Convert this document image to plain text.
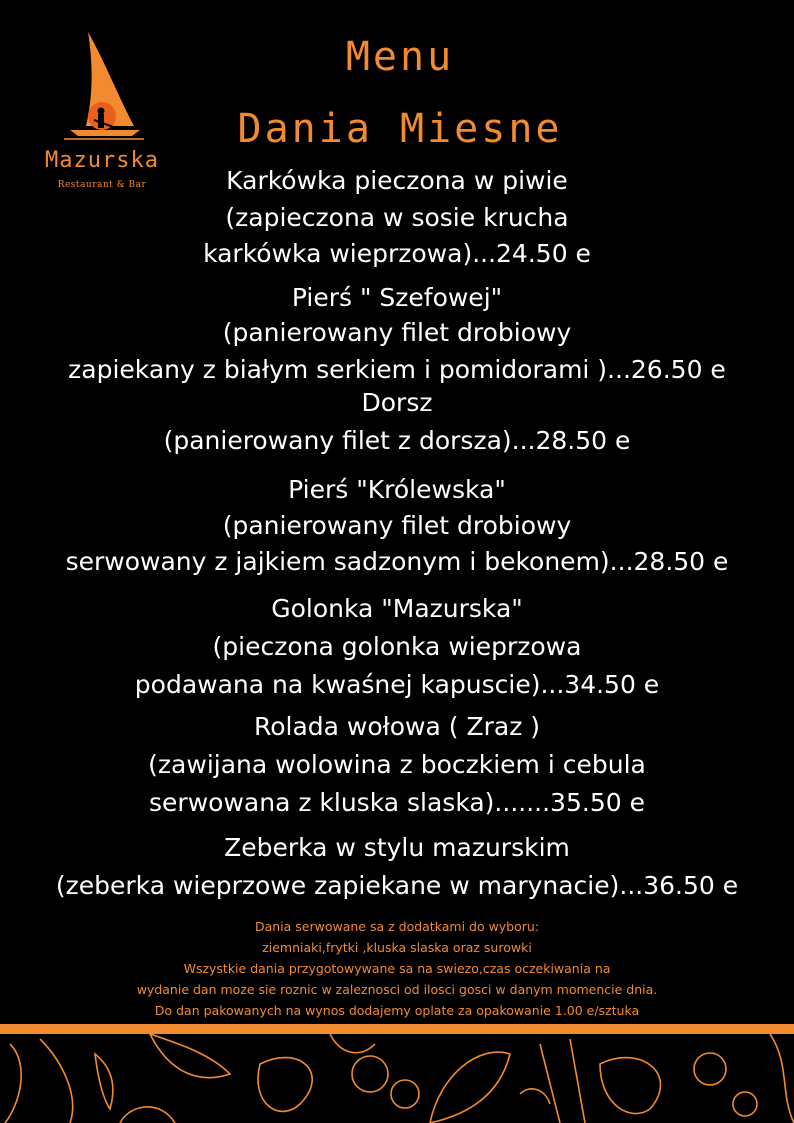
Mazurska
Restaurant & Bar
Menu
Dania Miesne
Karkówka pieczona w piwie
(zapieczona w sosie krucha
karkówka wieprzowa)...24.50 e
Pierś " Szefowej"
(panierowany filet drobiowy
zapiekany z białym serkiem i pomidorami )...26.50 e
Dorsz
(panierowany filet z dorsza)...28.50 e
Pierś "Królewska"
(panierowany filet drobiowy
serwowany z jajkiem sadzonym i bekonem)...28.50 e
Golonka "Mazurska"
(pieczona golonka wieprzowa
podawana na kwaśnej kapuscie)...34.50 e
Rolada wołowa ( Zraz )
(zawijana wolowina z boczkiem i cebula
serwowana z kluska slaska).......35.50 e
Zeberka w stylu mazurskim
(zeberka wieprzowe zapiekane w marynacie)...36.50 e
Dania serwowane sa z dodatkami do wyboru:
ziemniaki,frytki ,kluska slaska oraz surowki
Wszystkie dania przygotowywane sa na swiezo,czas oczekiwania na
wydanie dan moze sie roznic w zaleznosci od ilosci gosci w danym momencie dnia.
Do dan pakowanych na wynos dodajemy oplate za opakowanie 1.00 e/sztuka
